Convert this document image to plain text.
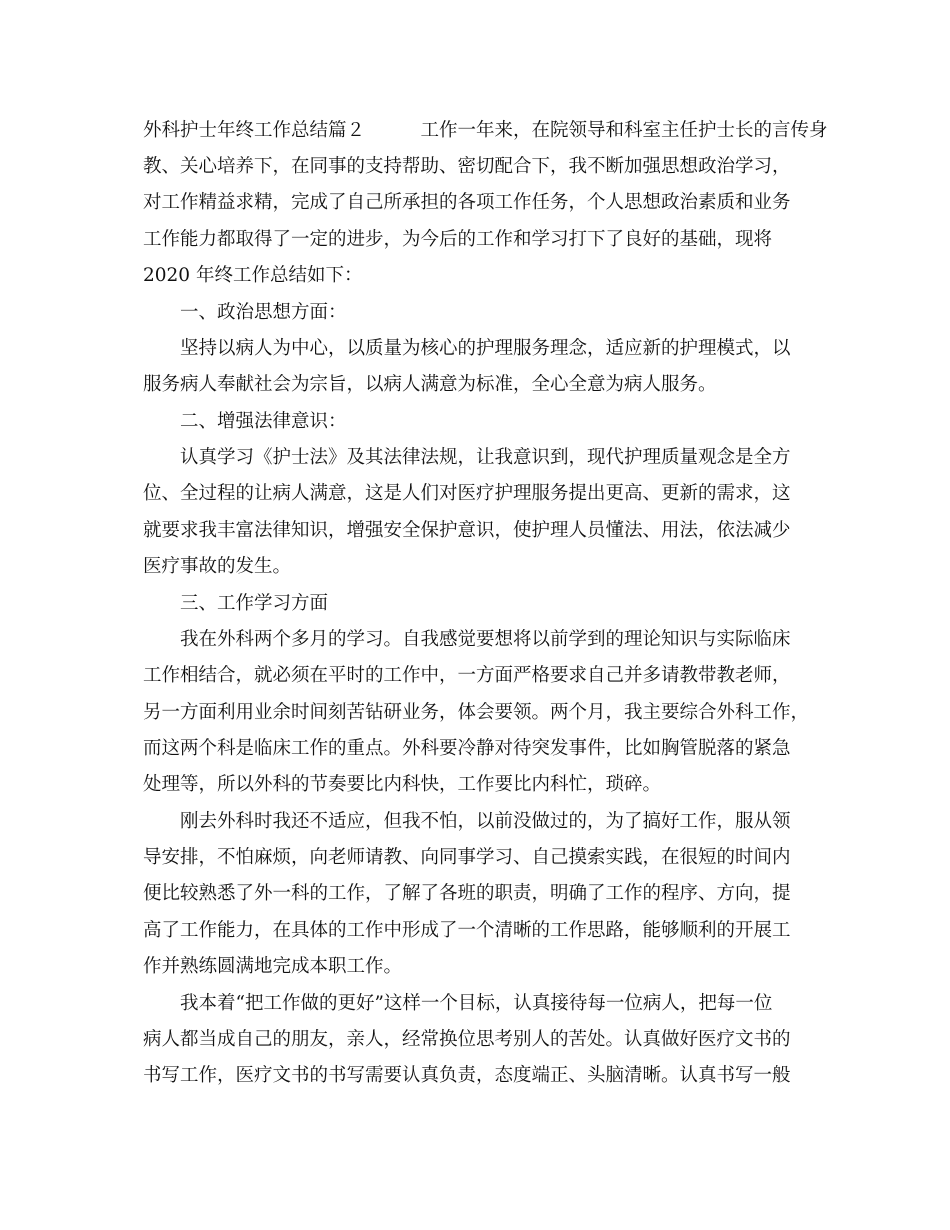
外科护士年终工作总结篇２　　　工作一年来，在院领导和科室主任护士长的言传身
教、关心培养下，在同事的支持帮助、密切配合下，我不断加强思想政治学习，
对工作精益求精，完成了自己所承担的各项工作任务，个人思想政治素质和业务
工作能力都取得了一定的进步，为今后的工作和学习打下了良好的基础，现将
2020 年终工作总结如下：
一、政治思想方面：
坚持以病人为中心，以质量为核心的护理服务理念，适应新的护理模式，以
服务病人奉献社会为宗旨，以病人满意为标准，全心全意为病人服务。
二、增强法律意识：
认真学习《护士法》及其法律法规，让我意识到，现代护理质量观念是全方
位、全过程的让病人满意，这是人们对医疗护理服务提出更高、更新的需求，这
就要求我丰富法律知识，增强安全保护意识，使护理人员懂法、用法，依法减少
医疗事故的发生。
三、工作学习方面
我在外科两个多月的学习。自我感觉要想将以前学到的理论知识与实际临床
工作相结合，就必须在平时的工作中，一方面严格要求自己并多请教带教老师，
另一方面利用业余时间刻苦钻研业务，体会要领。两个月，我主要综合外科工作，
而这两个科是临床工作的重点。外科要冷静对待突发事件，比如胸管脱落的紧急
处理等，所以外科的节奏要比内科快，工作要比内科忙，琐碎。
刚去外科时我还不适应，但我不怕，以前没做过的，为了搞好工作，服从领
导安排，不怕麻烦，向老师请教、向同事学习、自己摸索实践，在很短的时间内
便比较熟悉了外一科的工作，了解了各班的职责，明确了工作的程序、方向，提
高了工作能力，在具体的工作中形成了一个清晰的工作思路，能够顺利的开展工
作并熟练圆满地完成本职工作。
我本着“把工作做的更好”这样一个目标，认真接待每一位病人，把每一位
病人都当成自己的朋友，亲人，经常换位思考别人的苦处。认真做好医疗文书的
书写工作，医疗文书的书写需要认真负责，态度端正、头脑清晰。认真书写一般
